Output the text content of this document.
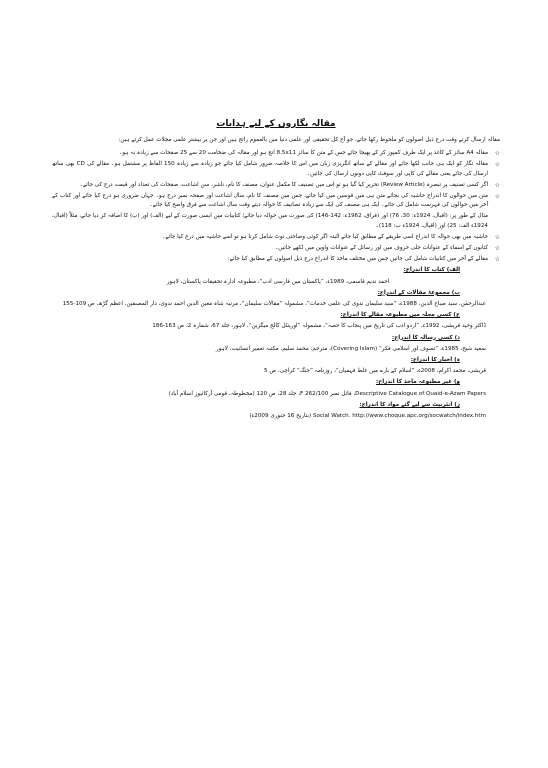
مقالہ نگاروں کے لیے ہدایات

مقالہ ارسال کرتے وقت درج ذیل اصولوں کو ملحوظ رکھا جائے، جو آج کل تحقیقی اور علمی دنیا میں بالعموم رائج ہیں اور جن پر بیشتر علمی مجلات عمل کرتے ہیں:

☆
مقالہ A4 سائز کے کاغذ پر ایک طرف کمپوز کر کے بھیجا جائے جس کے متن کا سائز 8.5x11 انچ ہو اور مقالہ کی ضخامت 20 سے 25 صفحات سے زیادہ نہ ہو۔
☆
مقالہ نگار کو ایک ہی جانب لکھا جائے اور مقالے کے ساتھ انگریزی زبان میں اس کا خلاصہ ضرور شامل کیا جائے جو زیادہ سے زیادہ 150 الفاظ پر مشتمل ہو۔ مقالے کی CD بھی ساتھ ارسال کی جائے یعنی مقالے کی کاپی اور سوفٹ کاپی دونوں ارسال کی جائیں۔
☆
اگر کسی تصنیف پر تبصرہ (Review Article) تحریر کیا گیا ہو تو اس میں تصنیف کا مکمل عنوان، مصنف کا نام، ناشر، سن اشاعت، صفحات کی تعداد اور قیمت درج کی جائے۔
☆
متن میں حوالوں کا اندراج حاشیہ کی بجائے متن ہی میں قوسین میں کیا جائے، جس میں مصنف کا نام، سال اشاعت اور صفحہ نمبر درج ہو۔ جہاں ضروری ہو درج کیا جائے اور کتاب کے آخر میں حوالوں کی فہرست شامل کی جائے۔ ایک ہی مصنف کی ایک سے زیادہ تصانیف کا حوالہ دیتے وقت سال اشاعت سے فرق واضح کیا جائے۔
مثال کے طور پر: (اقبال، 1924ء: 30، 76) اور (فراق، 1962ء: 142-146) کی صورت میں حوالہ دیا جائے؛ کتابیات میں ایسی صورت کے لیے (الف) اور (ب) کا اضافہ کر دیا جائے، مثلاً (اقبال، 1924ء الف: 25) اور (اقبال، 1924ء ب: 118)۔
☆
حاشیہ میں بھی حوالہ کا اندراج اسی طریقے کے مطابق کیا جائے البتہ اگر کوئی وضاحتی نوٹ شامل کرنا ہو تو اسے حاشیہ میں درج کیا جائے۔
☆
کتابوں کے اسماء کے عنوانات جلی حروف میں اور رسائل کے عنوانات واوین میں لکھے جائیں۔
☆
مقالے کے آخر میں کتابیات شامل کی جائیں جس میں مختلف ماخذ کا اندراج درج ذیل اصولوں کے مطابق کیا جائے:
الف) کتاب کا اندراج:
احمد ندیم قاسمی، 1989ء، ”پاکستان میں فارسی ادب“، مطبوعہ ادارہ تحقیقات پاکستان، لاہور
ب) مجموعۂ مقالات کے اندراج:
عبدالرحمٰن، سید صباح الدین، 1988ء، ”سید سلیمان ندوی کی علمی خدمات“، مشمولہ ”مقالات سلیمان“، مرتبہ شاہ معین الدین احمد ندوی، دار المصنفین، اعظم گڑھ، ص 109-155
ج) کسی مجلہ میں مطبوعہ مقالے کا اندراج:
ڈاکٹر وحید قریشی، 1992ء، ”اردو ادب کی تاریخ میں پنجاب کا حصہ“، مشمولہ ”اورینٹل کالج میگزین“، لاہور، جلد 67، شمارہ 2، ص 163-186
د) کسی رسالہ کا اندراج:
سعید شیخ، 1985ء، ”تصوف اور اسلامی فکر“ (Covering Islam)، مترجم: محمد سلیم، مکتبہ تعمیر انسانیت، لاہور
ہ) اخبار کا اندراج:
قریشی، محمد اکرام، 2008ء، ”اسلام کے بارے میں غلط فہمیاں“، روزنامہ ”جنگ“ کراچی، ص 5
و) غیر مطبوعہ ماخذ کا اندراج:
Descriptive Catalogue of Quaid-e-Azam Papers، فائل نمبر F 262/100، جلد 28، ص 120 (مخطوطہ، قومی آرکائیوز اسلام آباد)
ز) انٹرنیٹ سے لیے گئے مواد کا اندراج:
Social Watch. http://www.choque.apc.org/socwatch/index.htm (بتاریخ 16 جنوری 2009ء)
